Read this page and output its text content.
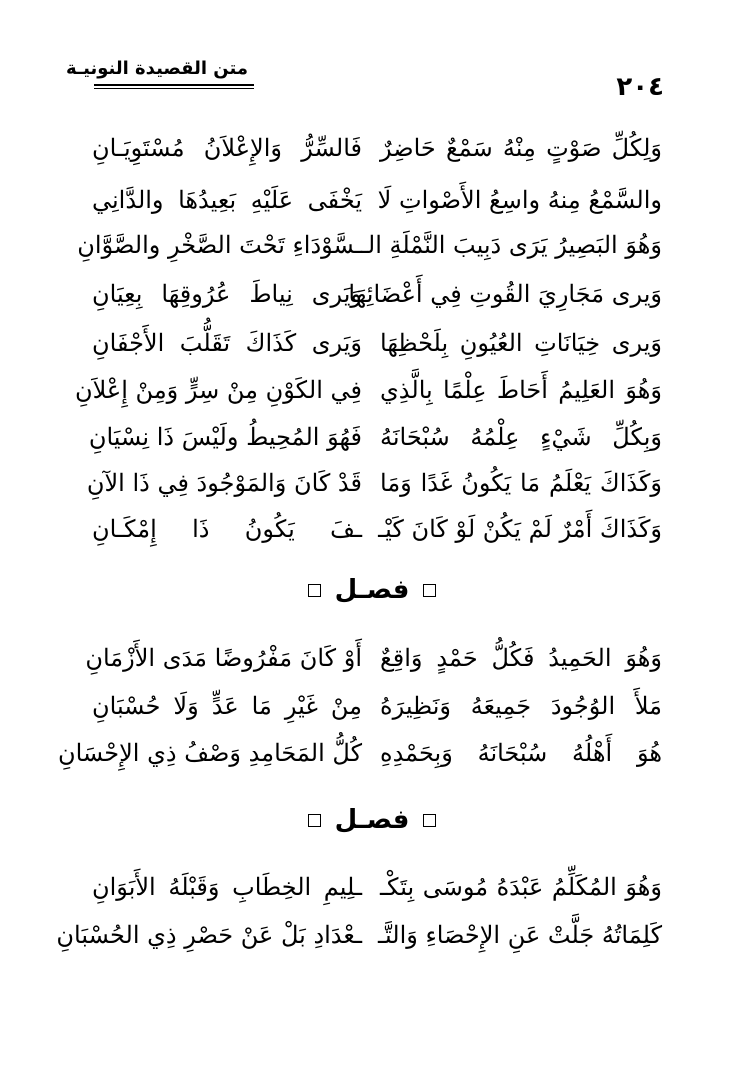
متن القصيدة النونيـة
٢٠٤
وَلِكُلِّ صَوْتٍ مِنْهُ سَمْعٌ حَاضِرٌ
فَالسِّرُّ وَالإِعْلاَنُ مُسْتَوِيَـانِ
والسَّمْعُ مِنهُ واسِعُ الأَصْواتِ لَا
يَخْفَى عَلَيْهِ بَعِيدُهَا والدَّانِي
وَهُوَ البَصِيرُ يَرَى دَبِيبَ النَّمْلَةِ الـ
ـسَّوْدَاءِ تَحْتَ الصَّخْرِ والصَّوَّانِ
وَيرى مَجَارِيَ القُوتِ فِي أَعْضَائِهَا
وَيَرى نِياطَ عُرُوقِهَا بِعِيَانِ
وَيرى خِيَانَاتِ العُيُونِ بِلَحْظِهَا
وَيَرى كَذَاكَ تَقَلُّبَ الأَجْفَانِ
وَهُوَ العَلِيمُ أَحَاطَ عِلْمًا بِالَّذِي
فِي الكَوْنِ مِنْ سِرٍّ وَمِنْ إِعْلاَنِ
وَبِكُلِّ شَيْءٍ عِلْمُهُ سُبْحَانَهُ
فَهُوَ المُحِيطُ ولَيْسَ ذَا نِسْيَانِ
وَكَذَاكَ يَعْلَمُ مَا يَكُونُ غَدًا وَمَا
قَدْ كَانَ وَالمَوْجُودَ فِي ذَا الآنِ
وَكَذَاكَ أَمْرٌ لَمْ يَكُنْ لَوْ كَانَ كَيْـ
ـفَ يَكُونُ ذَا إِمْكَـانِ
فصـل
وَهُوَ الحَمِيدُ فَكُلُّ حَمْدٍ وَاقِعٌ
أَوْ كَانَ مَفْرُوضًا مَدَى الأَزْمَانِ
مَلأَ الوُجُودَ جَمِيعَهُ وَنَظِيرَهُ
مِنْ غَيْرِ مَا عَدٍّ وَلَا حُسْبَانِ
هُوَ أَهْلُهُ سُبْحَانَهُ وَبِحَمْدِهِ
كُلُّ المَحَامِدِ وَصْفُ ذِي الإِحْسَانِ
فصـل
وَهُوَ المُكَلِّمُ عَبْدَهُ مُوسَى بِتَكْـ
ـلِيمِ الخِطَابِ وَقَبْلَهُ الأَبَوَانِ
كَلِمَاتُهُ جَلَّتْ عَنِ الإِحْصَاءِ وَالتَّـ
ـعْدَادِ بَلْ عَنْ حَصْرِ ذِي الحُسْبَانِ
